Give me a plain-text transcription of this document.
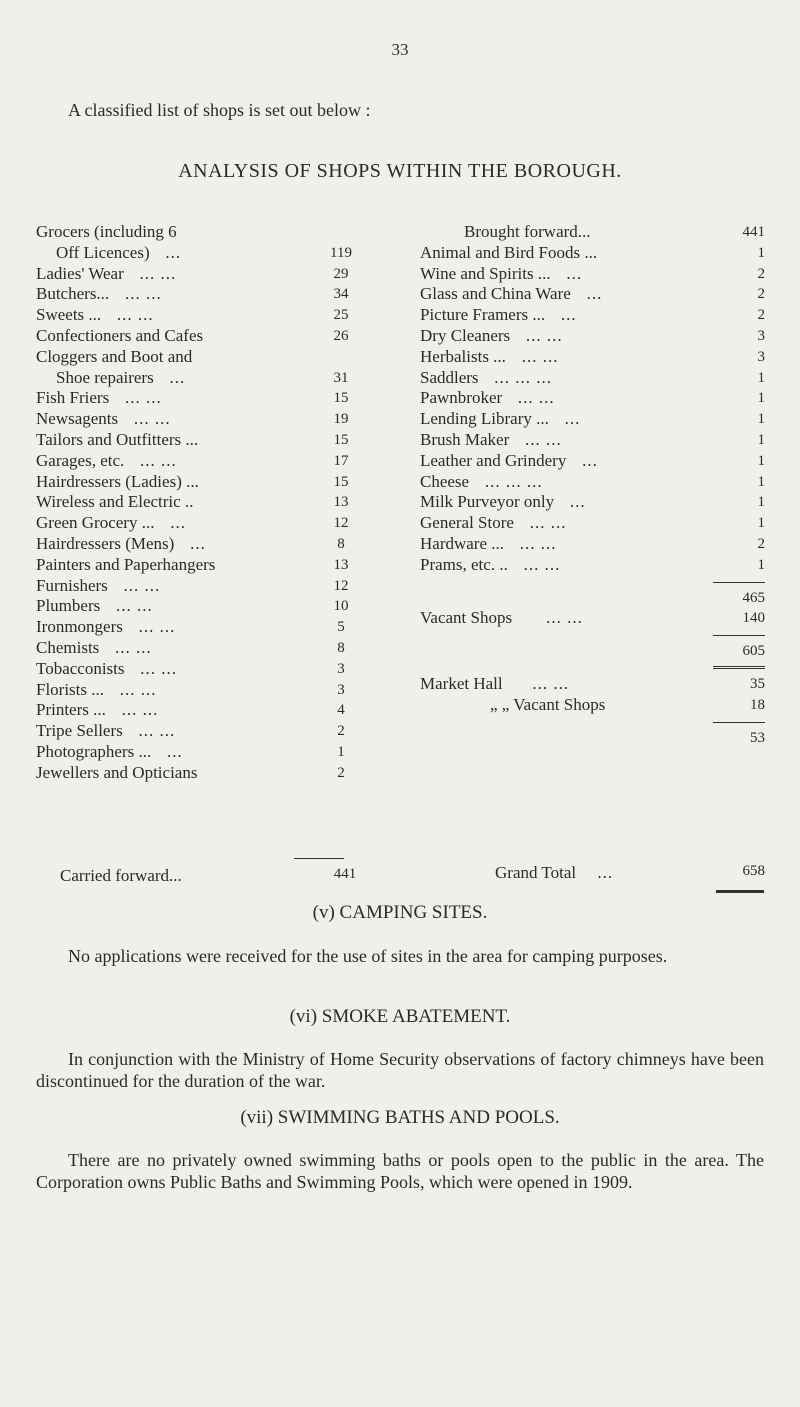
33
A classified list of shops is set out below :
ANALYSIS OF SHOPS WITHIN THE BOROUGH.
Grocers (including 6
Off Licences)   ...	119
Ladies' Wear   ... ...	29
Butchers...   ... ...	34
Sweets ...   ... ...	25
Confectioners and Cafes	26
Cloggers and Boot and
Shoe repairers   ...	31
Fish Friers   ... ...	15
Newsagents   ... ...	19
Tailors and Outfitters ...	15
Garages, etc.   ... ...	17
Hairdressers (Ladies) ...	15
Wireless and Electric ..	13
Green Grocery ...   ...	12
Hairdressers (Mens)   ...	8
Painters and Paperhangers	13
Furnishers   ... ...	12
Plumbers   ... ...	10
Ironmongers   ... ...	5
Chemists   ... ...	8
Tobacconists   ... ...	3
Florists ...   ... ...	3
Printers ...   ... ...	4
Tripe Sellers   ... ...	2
Photographers ...   ...	1
Jewellers and Opticians	2
Carried forward...	441
Brought forward...	441
Animal and Bird Foods ...	1
Wine and Spirits ...   ...	2
Glass and China Ware   ...	2
Picture Framers ...   ...	2
Dry Cleaners   ... ...	3
Herbalists ...   ... ...	3
Saddlers   ... ... ...	1
Pawnbroker   ... ...	1
Lending Library ...   ...	1
Brush Maker   ... ...	1
Leather and Grindery   ...	1
Cheese   ... ... ...	1
Milk Purveyor only   ...	1
General Store   ... ...	1
Hardware ...   ... ...	2
Prams, etc. ..   ... ...	1
465
Vacant Shops ... ...	140
605
Market Hall ... ...	35
„ „ Vacant Shops	18
53
Grand Total ...	658
(v) CAMPING SITES.
No applications were received for the use of sites in the area for camping purposes.
(vi) SMOKE ABATEMENT.
In conjunction with the Ministry of Home Security observations of factory chimneys have been discontinued for the duration of the war.
(vii) SWIMMING BATHS AND POOLS.
There are no privately owned swimming baths or pools open to the public in the area. The Corporation owns Public Baths and Swimming Pools, which were opened in 1909.
